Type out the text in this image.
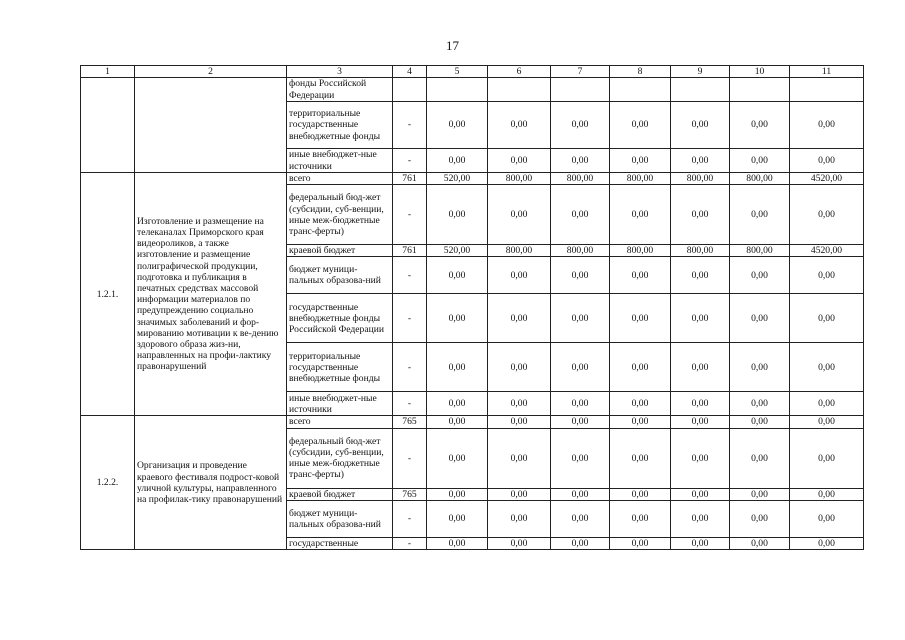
17
1	2	3	4	5	6	7	8	9	10	11
		фонды Российской Федерации								
		территориальные государственные внебюджетные фонды	-	0,00	0,00	0,00	0,00	0,00	0,00	0,00
		иные внебюджет-ные источники	-	0,00	0,00	0,00	0,00	0,00	0,00	0,00
1.2.1.	Изготовление и размещение на телеканалах Приморского края видеороликов, а также изготовление и размещение полиграфической продукции, подготовка и публикация в печатных средствах массовой информации материалов по предупреждению социально значимых заболеваний и фор-мированию мотивации к ве-дению здорового образа жиз-ни, направленных на профи-лактику правонарушений	всего	761	520,00	800,00	800,00	800,00	800,00	800,00	4520,00
		федеральный бюд-жет (субсидии, суб-венции, иные меж-бюджетные транс-ферты)	-	0,00	0,00	0,00	0,00	0,00	0,00	0,00
		краевой бюджет	761	520,00	800,00	800,00	800,00	800,00	800,00	4520,00
		бюджет муници-пальных образова-ний	-	0,00	0,00	0,00	0,00	0,00	0,00	0,00
		государственные внебюджетные фонды Российской Федерации	-	0,00	0,00	0,00	0,00	0,00	0,00	0,00
		территориальные государственные внебюджетные фонды	-	0,00	0,00	0,00	0,00	0,00	0,00	0,00
		иные внебюджет-ные источники	-	0,00	0,00	0,00	0,00	0,00	0,00	0,00
1.2.2.	Организация и проведение краевого фестиваля подрост-ковой уличной культуры, направленного на профилак-тику правонарушений	всего	765	0,00	0,00	0,00	0,00	0,00	0,00	0,00
		федеральный бюд-жет (субсидии, суб-венции, иные меж-бюджетные транс-ферты)	-	0,00	0,00	0,00	0,00	0,00	0,00	0,00
		краевой бюджет	765	0,00	0,00	0,00	0,00	0,00	0,00	0,00
		бюджет муници-пальных образова-ний	-	0,00	0,00	0,00	0,00	0,00	0,00	0,00
		государственные	-	0,00	0,00	0,00	0,00	0,00	0,00	0,00
